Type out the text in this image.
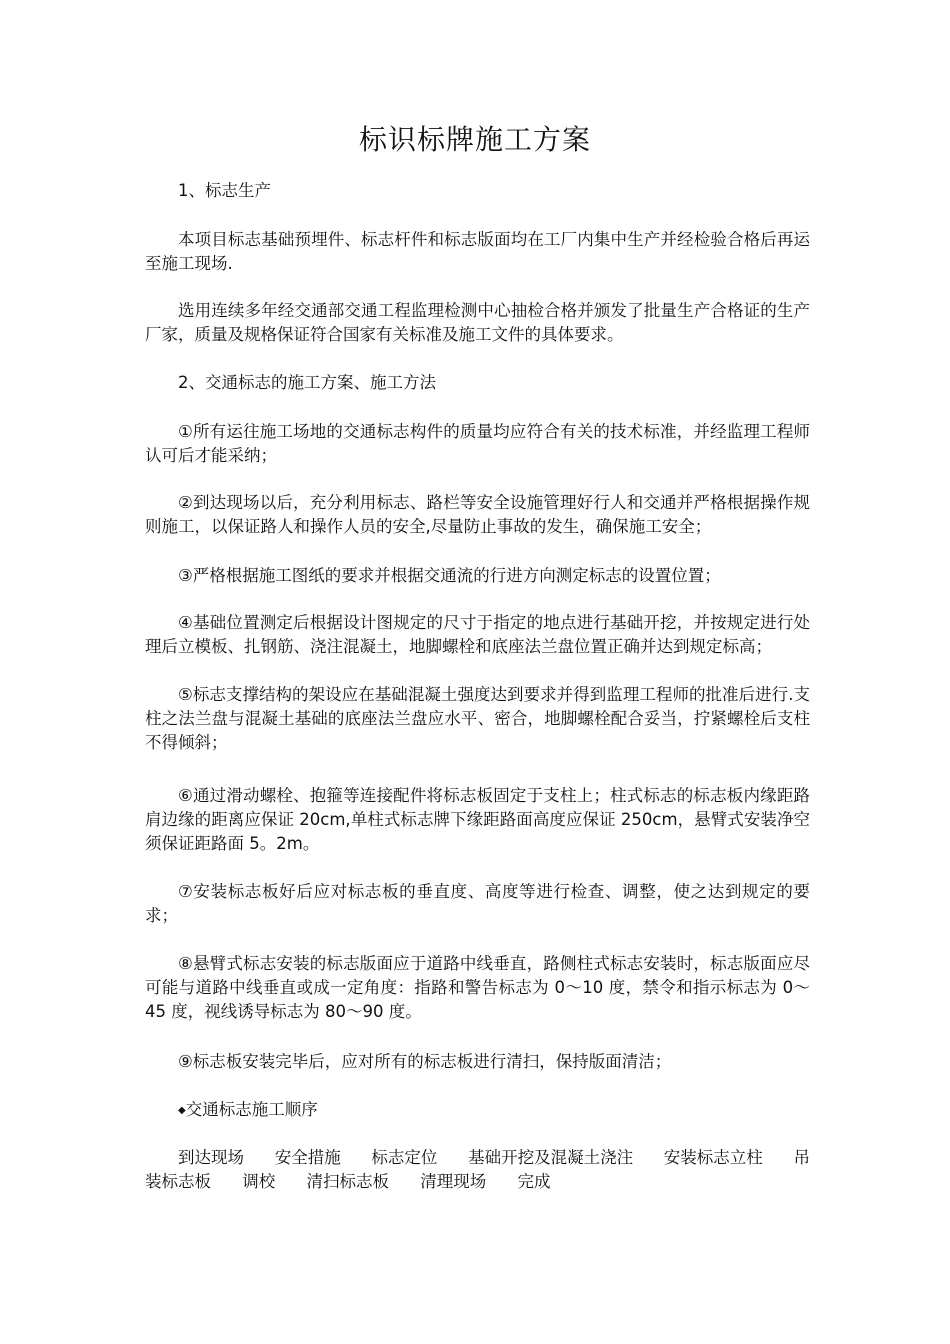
标识标牌施工方案

1、标志生产

本项目标志基础预埋件、标志杆件和标志版面均在工厂内集中生产并经检验合格后再运至施工现场.

选用连续多年经交通部交通工程监理检测中心抽检合格并颁发了批量生产合格证的生产厂家，质量及规格保证符合国家有关标准及施工文件的具体要求。

2、交通标志的施工方案、施工方法

①所有运往施工场地的交通标志构件的质量均应符合有关的技术标准，并经监理工程师认可后才能采纳；

②到达现场以后，充分利用标志、路栏等安全设施管理好行人和交通并严格根据操作规则施工，以保证路人和操作人员的安全,尽量防止事故的发生，确保施工安全；

③严格根据施工图纸的要求并根据交通流的行进方向测定标志的设置位置；

④基础位置测定后根据设计图规定的尺寸于指定的地点进行基础开挖，并按规定进行处理后立模板、扎钢筋、浇注混凝土，地脚螺栓和底座法兰盘位置正确并达到规定标高；

⑤标志支撑结构的架设应在基础混凝土强度达到要求并得到监理工程师的批准后进行.支柱之法兰盘与混凝土基础的底座法兰盘应水平、密合，地脚螺栓配合妥当，拧紧螺栓后支柱不得倾斜；

⑥通过滑动螺栓、抱箍等连接配件将标志板固定于支柱上；柱式标志的标志板内缘距路肩边缘的距离应保证 20cm,单柱式标志牌下缘距路面高度应保证 250cm，悬臂式安装净空须保证距路面 5。2m。

⑦安装标志板好后应对标志板的垂直度、高度等进行检查、调整，使之达到规定的要求；

⑧悬臂式标志安装的标志版面应于道路中线垂直，路侧柱式标志安装时，标志版面应尽可能与道路中线垂直或成一定角度：指路和警告标志为 0～10 度，禁令和指示标志为 0～45 度，视线诱导标志为 80～90 度。

⑨标志板安装完毕后，应对所有的标志板进行清扫，保持版面清洁；

◆交通标志施工顺序

到达现场 安全措施 标志定位 基础开挖及混凝土浇注 安装标志立柱 吊
装标志板 调校 清扫标志板 清理现场 完成
